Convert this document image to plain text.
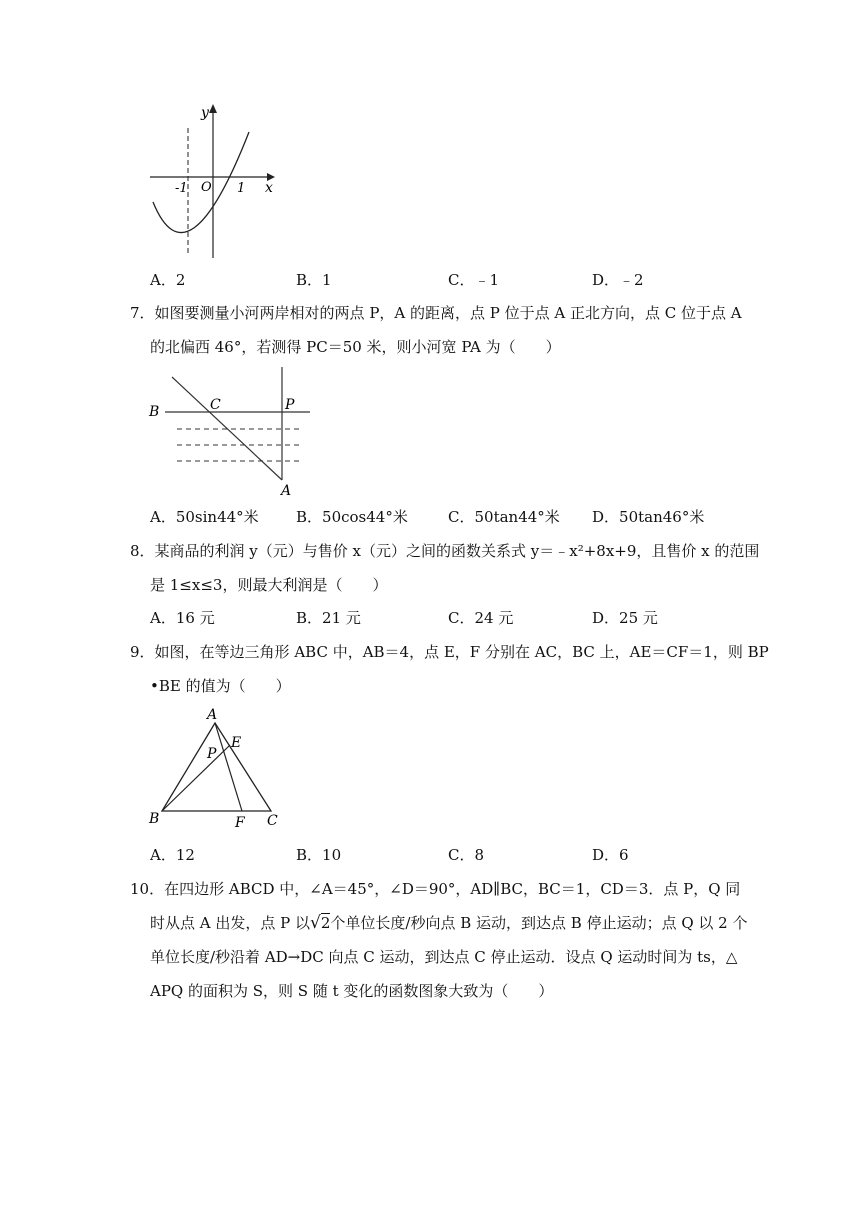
y
x
O
-1	1
A．2	B．1	C．﹣1	D．﹣2
7．如图要测量小河两岸相对的两点 P，A 的距离，点 P 位于点 A 正北方向，点 C 位于点 A
的北偏西 46°，若测得 PC＝50 米，则小河宽 PA 为（　　）
B	C	P
A
A．50sin44°米 B．50cos44°米	C．50tan44°米 D．50tan46°米
8．某商品的利润 y（元）与售价 x（元）之间的函数关系式 y＝﹣x²+8x+9，且售价 x 的范围
是 1≤x≤3，则最大利润是（　　）
A．16 元	B．21 元	C．24 元	D．25 元
9．如图，在等边三角形 ABC 中，AB＝4，点 E，F 分别在 AC，BC 上，AE＝CF＝1，则 BP
•BE 的值为（　　）
A
E
P
B	F C
A．12	B．10	C．8	D．6
10．在四边形 ABCD 中，∠A＝45°，∠D＝90°，AD∥BC，BC＝1，CD＝3．点 P，Q 同
时从点 A 出发，点 P 以√2个单位长度/秒向点 B 运动，到达点 B 停止运动；点 Q 以 2 个
单位长度/秒沿着 AD→DC 向点 C 运动，到达点 C 停止运动．设点 Q 运动时间为 ts，△
APQ 的面积为 S，则 S 随 t 变化的函数图象大致为（　　）
